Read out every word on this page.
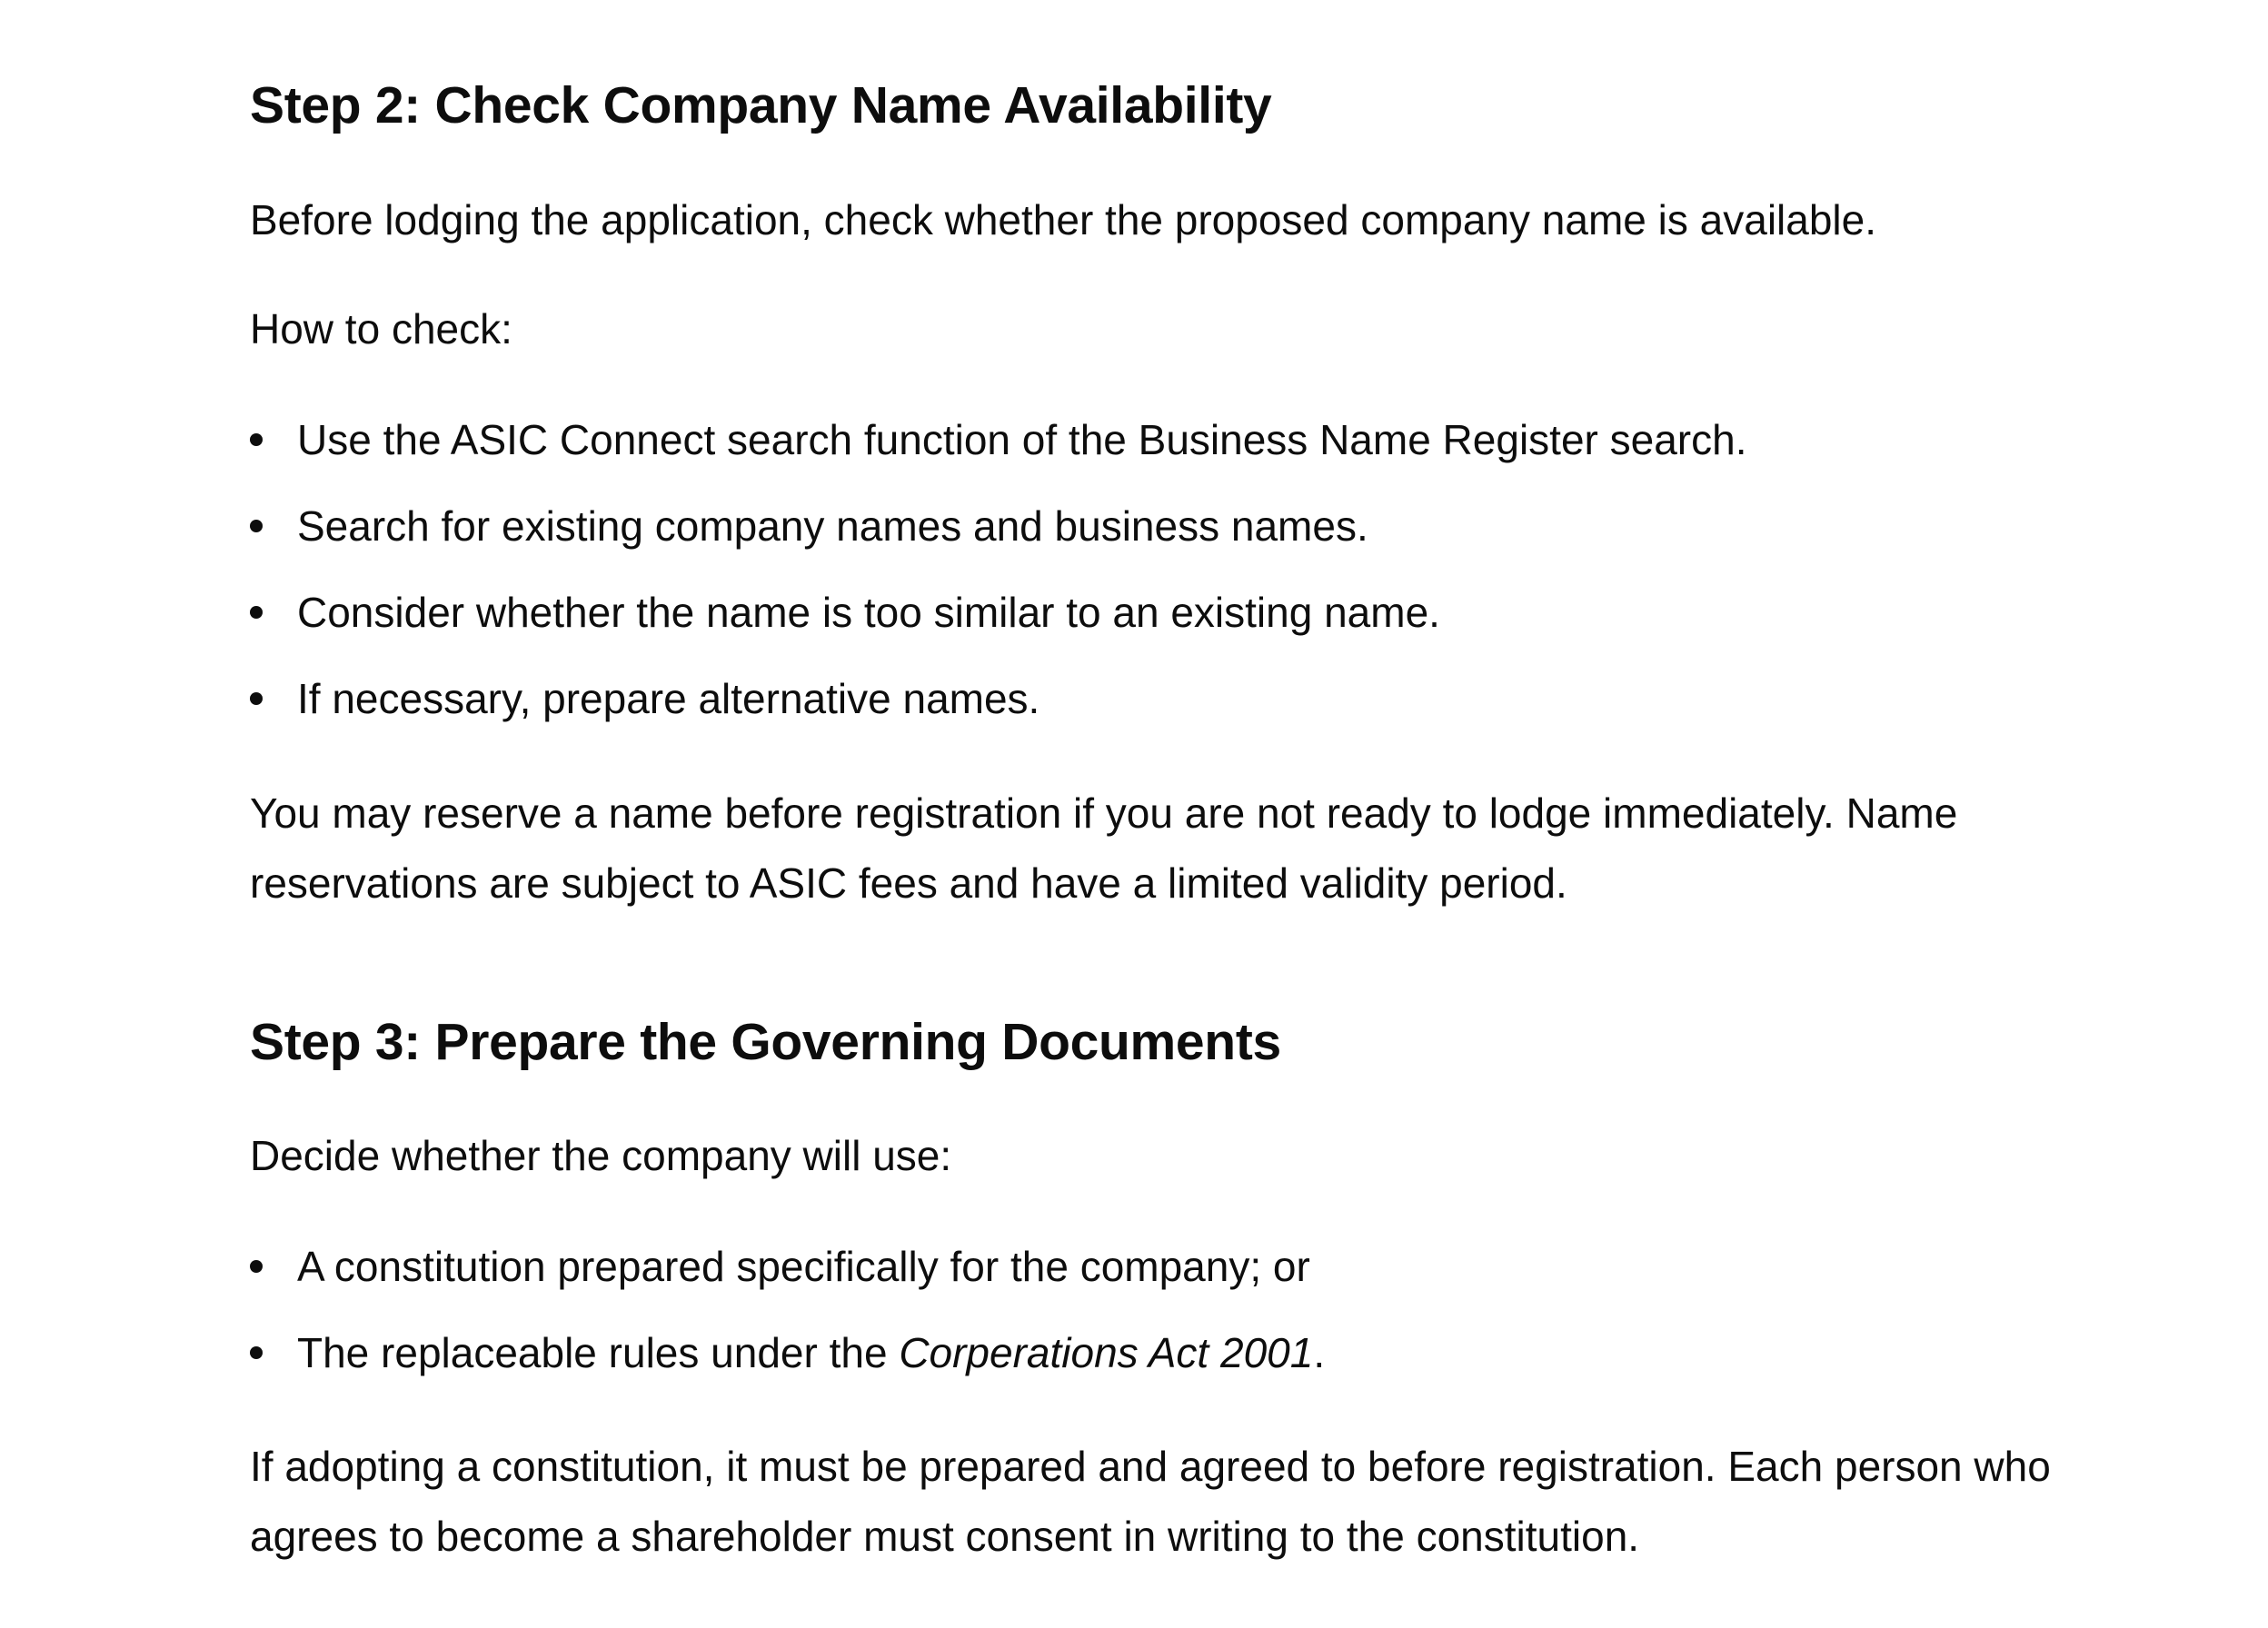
Step 2: Check Company Name Availability

Before lodging the application, check whether the proposed company name is available.

How to check:

Use the ASIC Connect search function of the Business Name Register search.
Search for existing company names and business names.
Consider whether the name is too similar to an existing name.
If necessary, prepare alternative names.

You may reserve a name before registration if you are not ready to lodge immediately. Name reservations are subject to ASIC fees and have a limited validity period.

Step 3: Prepare the Governing Documents

Decide whether the company will use:

A constitution prepared specifically for the company; or
The replaceable rules under the Corperations Act 2001.

If adopting a constitution, it must be prepared and agreed to before registration. Each person who agrees to become a shareholder must consent in writing to the constitution.
